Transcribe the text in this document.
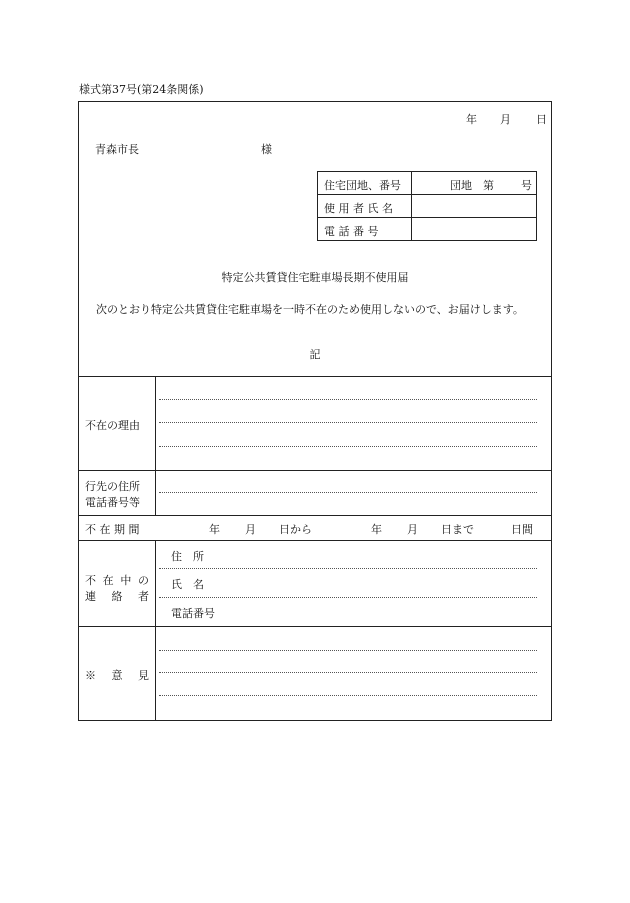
様式第37号(第24条関係)
年 月 日
青森市長	様
住宅団地、番号	団地 第 号
使 用 者 氏 名
電 話 番 号
特定公共賃貸住宅駐車場長期不使用届
次のとおり特定公共賃貸住宅駐車場を一時不在のため使用しないので、お届けします。
記
不在の理由
行先の住所
電話番号等
不 在 期 間	年 月 日から	年 月 日まで	日間
不 在 中 の
連 絡 者
住　所
氏　名
電話番号
※　意　見
